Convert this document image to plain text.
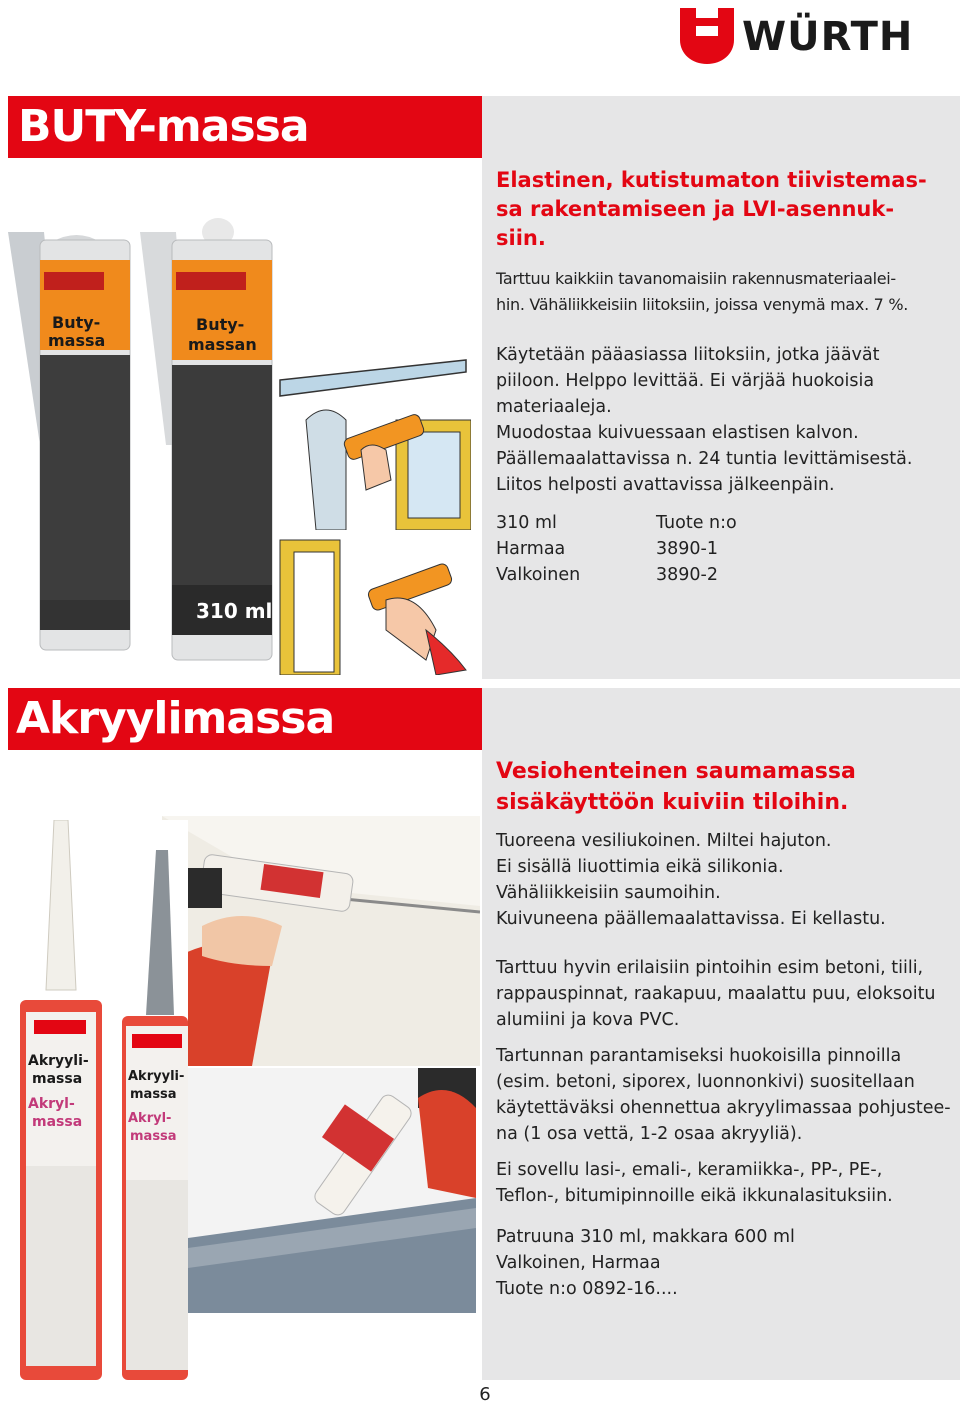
WÜRTH
BUTY-massa
Akryylimassa
Buty-
massa
Buty-
massan
310 ml
Elastinen, kutistumaton tiivistemas-
sa rakentamiseen ja LVI-asennuk-
siin.
Tarttuu kaikkiin tavanomaisiin rakennusmateriaalei-
hin. Vähäliikkeisiin liitoksiin, joissa venymä max. 7 %.
Käytetään pääasiassa liitoksiin, jotka jäävät
piiloon. Helppo levittää. Ei värjää huokoisia
materiaaleja.
Muodostaa kuivuessaan elastisen kalvon.
Päällemaalattavissa n. 24 tuntia levittämisestä.
Liitos helposti avattavissa jälkeenpäin.
310 ml	Tuote n:o
Harmaa	3890-1
Valkoinen	3890-2
Akryyli-
massa
Akryl-
massa
Akryyli-
massa
Akryl-
massa
Vesiohenteinen saumamassa
sisäkäyttöön kuiviin tiloihin.
Tuoreena vesiliukoinen. Miltei hajuton.
Ei sisällä liuottimia eikä silikonia.
Vähäliikkeisiin saumoihin.
Kuivuneena päällemaalattavissa. Ei kellastu.
Tarttuu hyvin erilaisiin pintoihin esim betoni, tiili,
rappauspinnat, raakapuu, maalattu puu, eloksoitu
alumiini ja kova PVC.
Tartunnan parantamiseksi huokoisilla pinnoilla
(esim. betoni, siporex, luonnonkivi) suositellaan
käytettäväksi ohennettua akryylimassaa pohjustee-
na (1 osa vettä, 1-2 osaa akryyliä).
Ei sovellu lasi-, emali-, keramiikka-, PP-, PE-,
Teflon-, bitumipinnoille eikä ikkunalasituksiin.
Patruuna 310 ml, makkara 600 ml
Valkoinen, Harmaa
Tuote n:o 0892-16....
6
